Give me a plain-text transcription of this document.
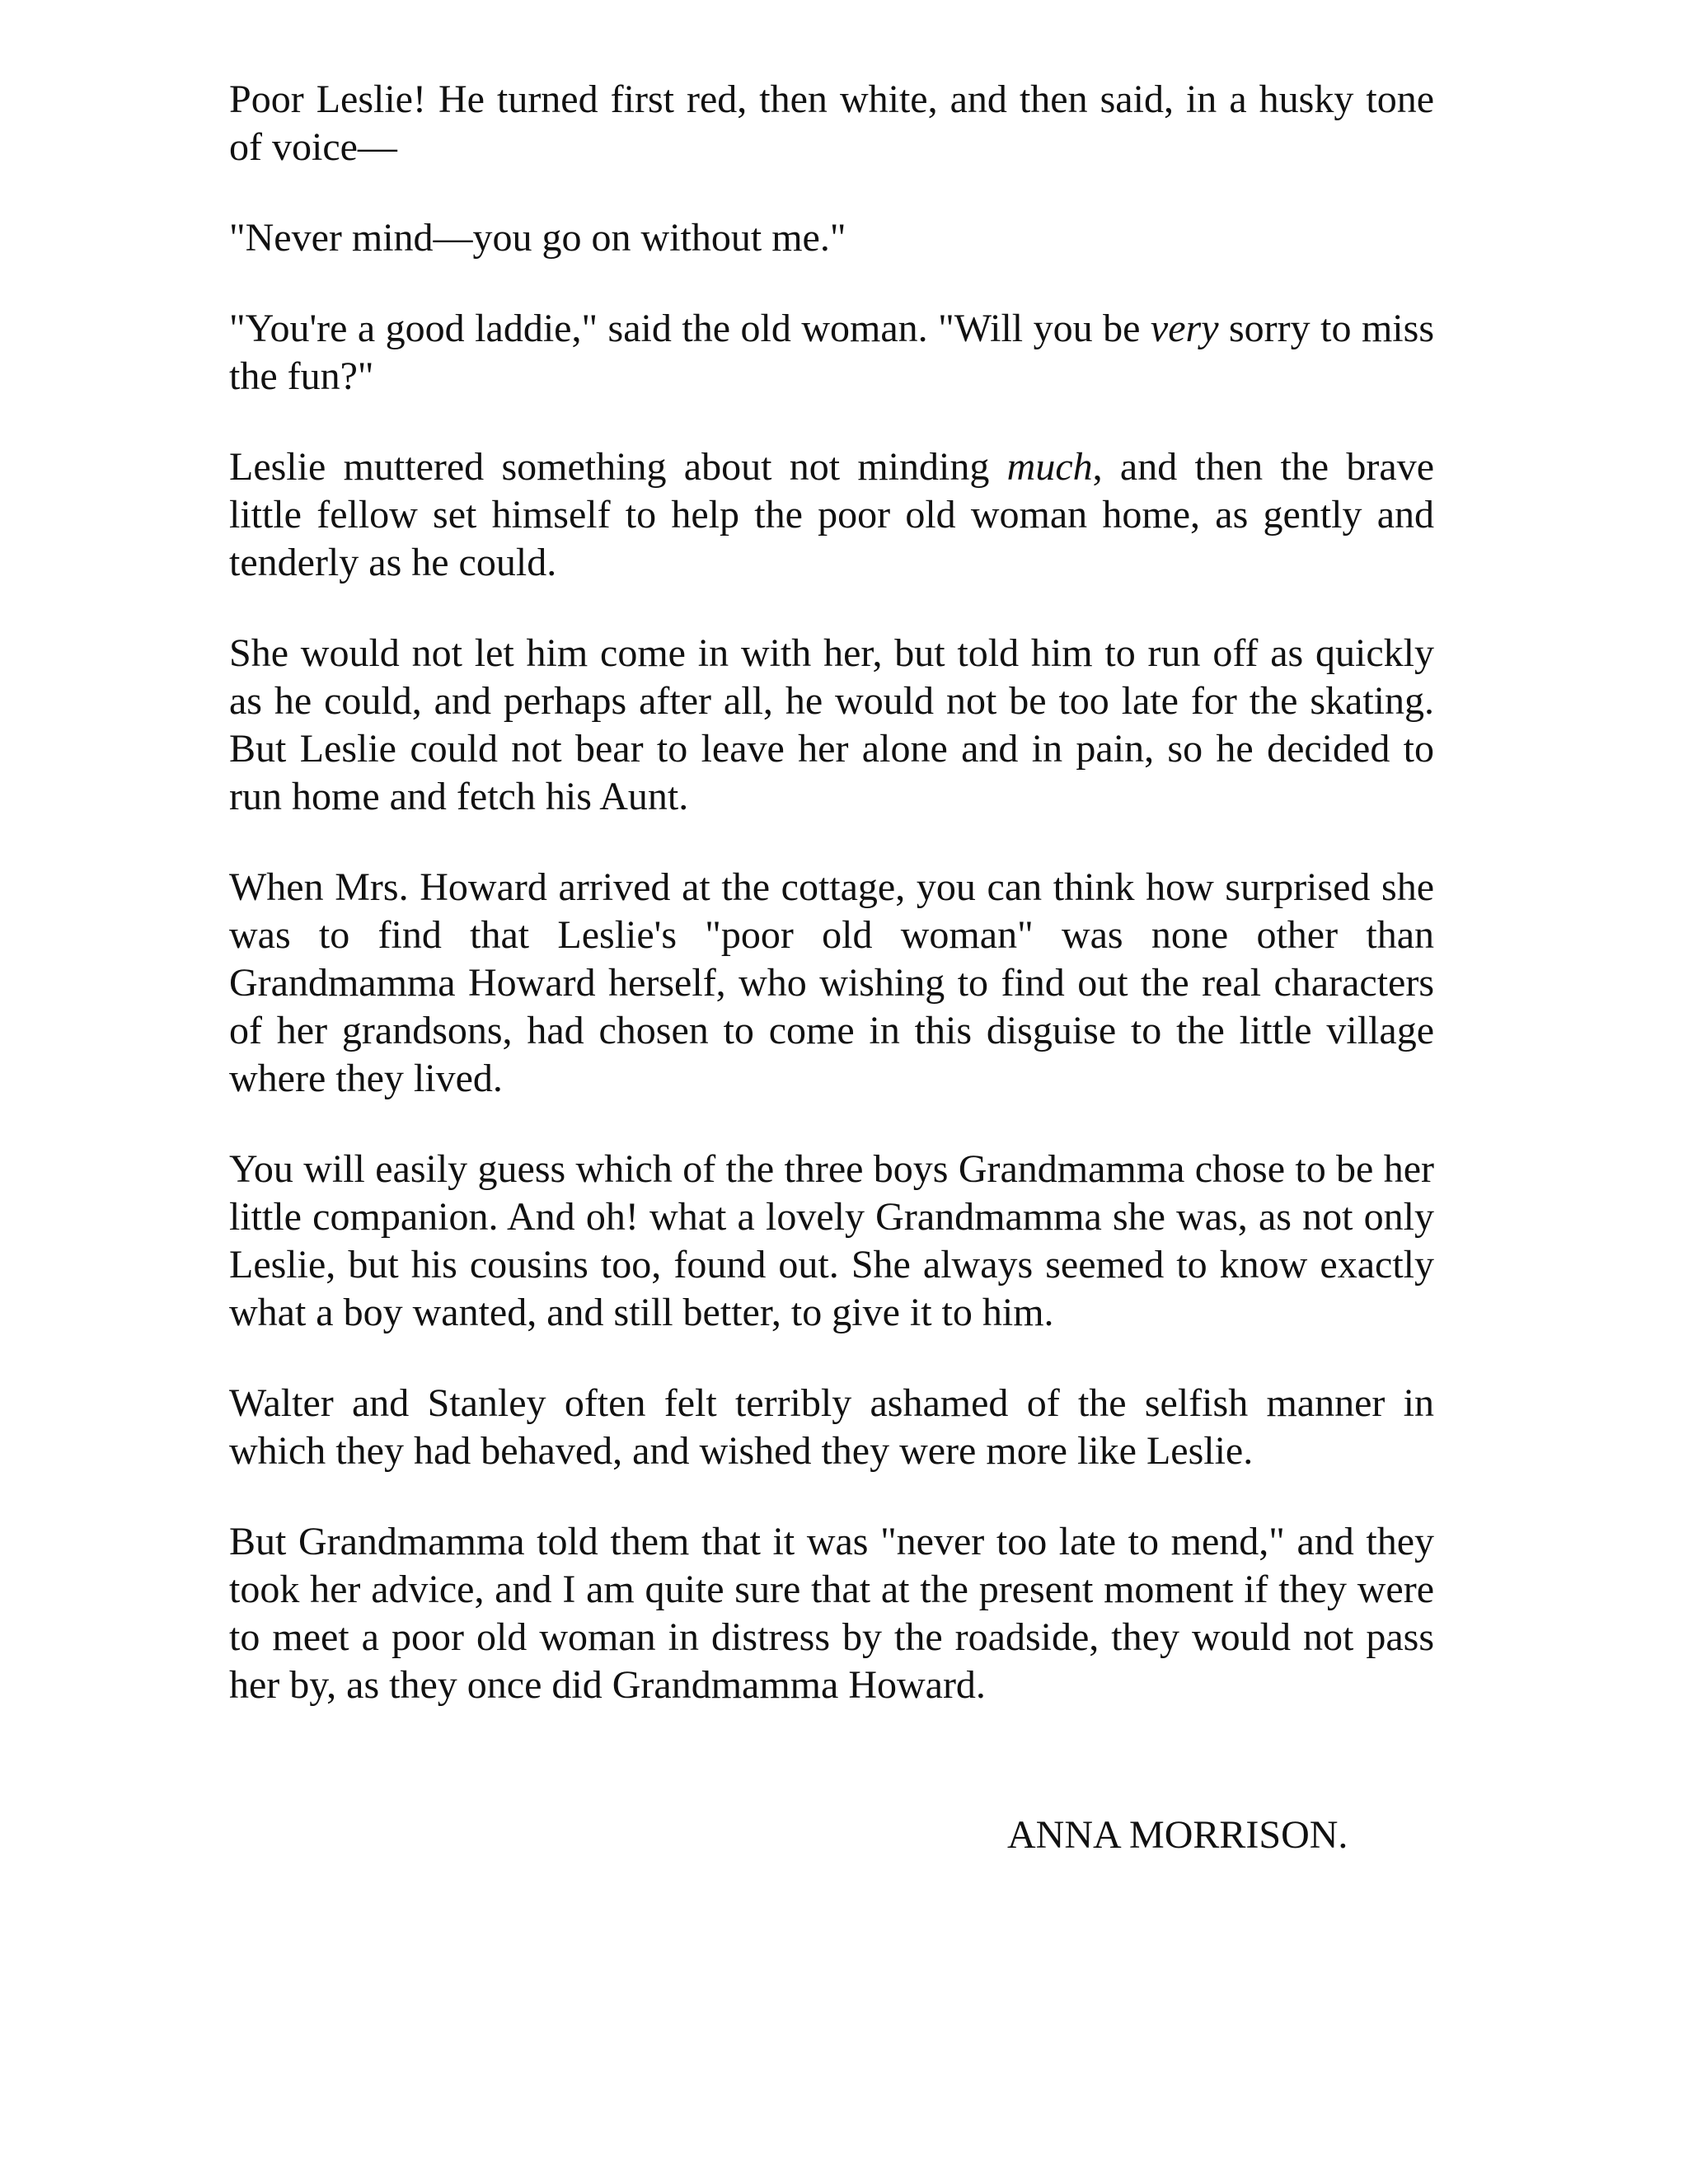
Poor Leslie! He turned first red, then white, and then said, in a husky tone of voice—

"Never mind—you go on without me."

"You're a good laddie," said the old woman. "Will you be very sorry to miss the fun?"

Leslie muttered something about not minding much, and then the brave little fellow set himself to help the poor old woman home, as gently and tenderly as he could.

She would not let him come in with her, but told him to run off as quickly as he could, and perhaps after all, he would not be too late for the skating. But Leslie could not bear to leave her alone and in pain, so he decided to run home and fetch his Aunt.

When Mrs. Howard arrived at the cottage, you can think how surprised she was to find that Leslie's "poor old woman" was none other than Grandmamma Howard herself, who wishing to find out the real characters of her grandsons, had chosen to come in this disguise to the little village where they lived.

You will easily guess which of the three boys Grandmamma chose to be her little companion. And oh! what a lovely Grandmamma she was, as not only Leslie, but his cousins too, found out. She always seemed to know exactly what a boy wanted, and still better, to give it to him.

Walter and Stanley often felt terribly ashamed of the selfish manner in which they had behaved, and wished they were more like Leslie.

But Grandmamma told them that it was "never too late to mend," and they took her advice, and I am quite sure that at the present moment if they were to meet a poor old woman in distress by the roadside, they would not pass her by, as they once did Grandmamma Howard.

ANNA MORRISON.
